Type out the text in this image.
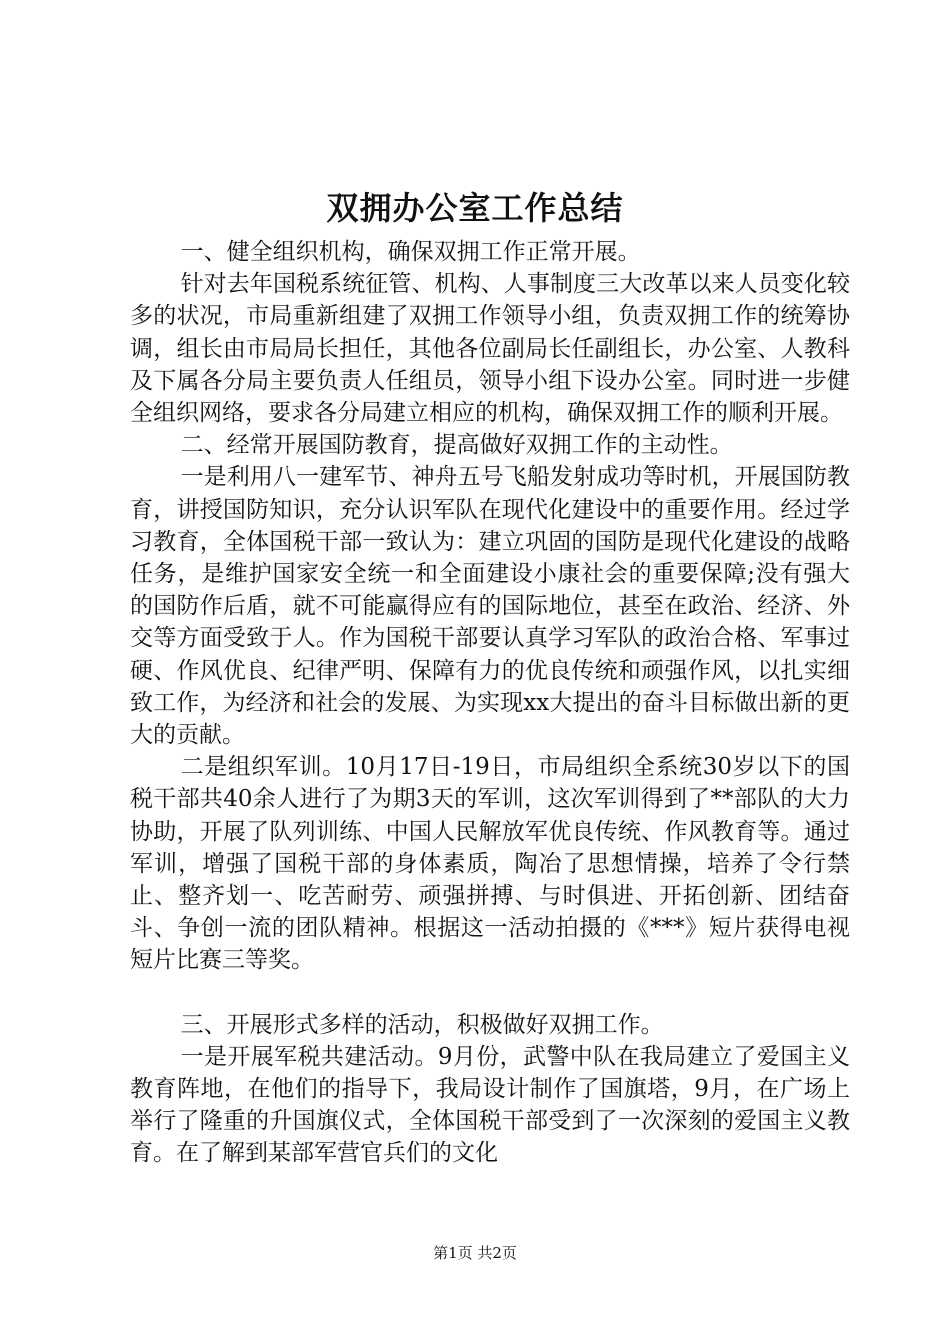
双拥办公室工作总结

一、健全组织机构，确保双拥工作正常开展。

针对去年国税系统征管、机构、人事制度三大改革以来人员变化较多的状况，市局重新组建了双拥工作领导小组，负责双拥工作的统筹协调，组长由市局局长担任，其他各位副局长任副组长，办公室、人教科及下属各分局主要负责人任组员，领导小组下设办公室。同时进一步健全组织网络，要求各分局建立相应的机构，确保双拥工作的顺利开展。

二、经常开展国防教育，提高做好双拥工作的主动性。

一是利用八一建军节、神舟五号飞船发射成功等时机，开展国防教育，讲授国防知识，充分认识军队在现代化建设中的重要作用。经过学习教育，全体国税干部一致认为：建立巩固的国防是现代化建设的战略任务，是维护国家安全统一和全面建设小康社会的重要保障;没有强大的国防作后盾，就不可能赢得应有的国际地位，甚至在政治、经济、外交等方面受致于人。作为国税干部要认真学习军队的政治合格、军事过硬、作风优良、纪律严明、保障有力的优良传统和顽强作风，以扎实细致工作，为经济和社会的发展、为实现xx大提出的奋斗目标做出新的更大的贡献。

二是组织军训。10月17日-19日，市局组织全系统30岁以下的国税干部共40余人进行了为期3天的军训，这次军训得到了**部队的大力协助，开展了队列训练、中国人民解放军优良传统、作风教育等。通过军训，增强了国税干部的身体素质，陶冶了思想情操，培养了令行禁止、整齐划一、吃苦耐劳、顽强拼搏、与时俱进、开拓创新、团结奋斗、争创一流的团队精神。根据这一活动拍摄的《***》短片获得电视短片比赛三等奖。

三、开展形式多样的活动，积极做好双拥工作。

一是开展军税共建活动。9月份，武警中队在我局建立了爱国主义教育阵地，在他们的指导下，我局设计制作了国旗塔，9月，在广场上举行了隆重的升国旗仪式，全体国税干部受到了一次深刻的爱国主义教育。在了解到某部军营官兵们的文化

第1页 共2页
